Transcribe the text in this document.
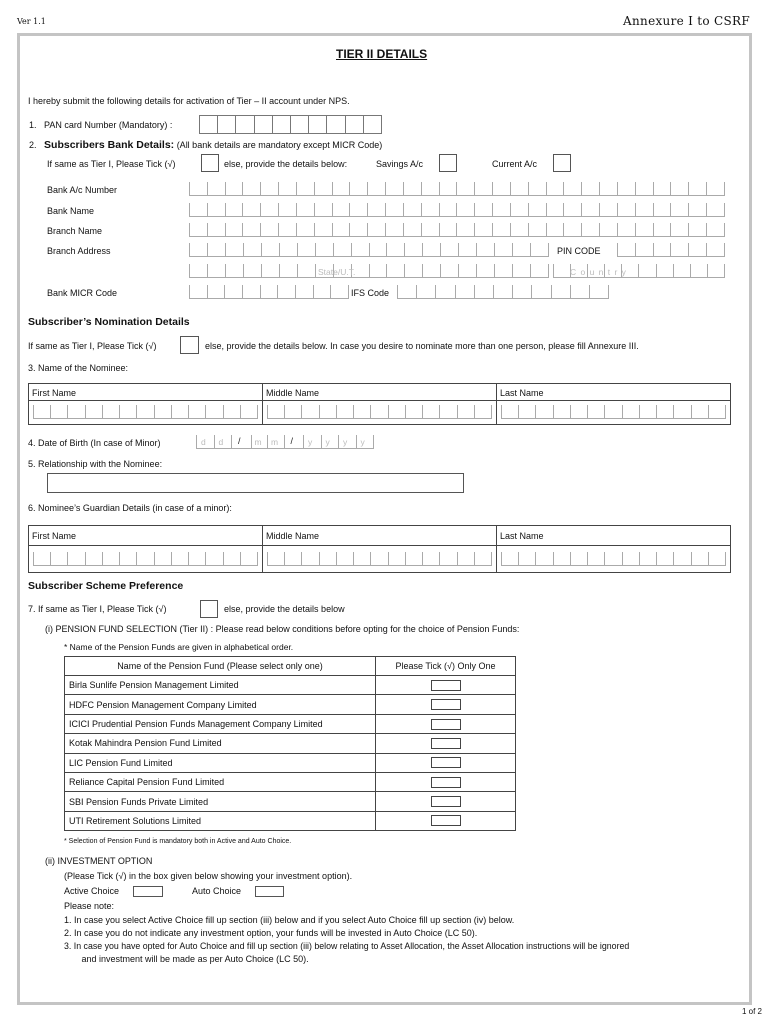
Ver 1.1	Annexure I to CSRF
TIER II DETAILS
I hereby submit the following details for activation of Tier – II account under NPS.
1. PAN card Number (Mandatory) :
2. Subscribers Bank Details: (All bank details are mandatory except MICR Code)
If same as Tier I, Please Tick (√)	else, provide the details below:	Savings A/c	Current A/c
Bank A/c Number
Bank Name
Branch Name
Branch Address	PIN CODE
State/U.T.	C o u n t r y
Bank MICR Code	IFS Code
Subscriber’s Nomination Details
If same as Tier I, Please Tick (√)	else, provide the details below. In case you desire to nominate more than one person, please fill Annexure III.
3. Name of the Nominee:
First Name	Middle Name	Last Name
4. Date of Birth (In case of Minor)	d	d	/	m	m	/	y	y	y	y
5. Relationship with the Nominee:
6. Nominee’s Guardian Details (in case of a minor):
First Name	Middle Name	Last Name
Subscriber Scheme Preference
7. If same as Tier I, Please Tick (√)	else, provide the details below
(i) PENSION FUND SELECTION (Tier II) : Please read below conditions before opting for the choice of Pension Funds:
* Name of the Pension Funds are given in alphabetical order.
Name of the Pension Fund (Please select only one)	Please Tick (√) Only One
Birla Sunlife Pension Management Limited	
HDFC Pension Management Company Limited	
ICICI Prudential Pension Funds Management Company Limited	
Kotak Mahindra Pension Fund Limited	
LIC Pension Fund Limited	
Reliance Capital Pension Fund Limited	
SBI Pension Funds Private Limited	
UTI Retirement Solutions Limited	
* Selection of Pension Fund is mandatory both in Active and Auto Choice.
(ii) INVESTMENT OPTION
(Please Tick (√) in the box given below showing your investment option).
Active Choice	Auto Choice
Please note:
1. In case you select Active Choice fill up section (iii) below and if you select Auto Choice fill up section (iv) below.
2. In case you do not indicate any investment option, your funds will be invested in Auto Choice (LC 50).
3. In case you have opted for Auto Choice and fill up section (iii) below relating to Asset Allocation, the Asset Allocation instructions will be ignored
and investment will be made as per Auto Choice (LC 50).
1 of 2
